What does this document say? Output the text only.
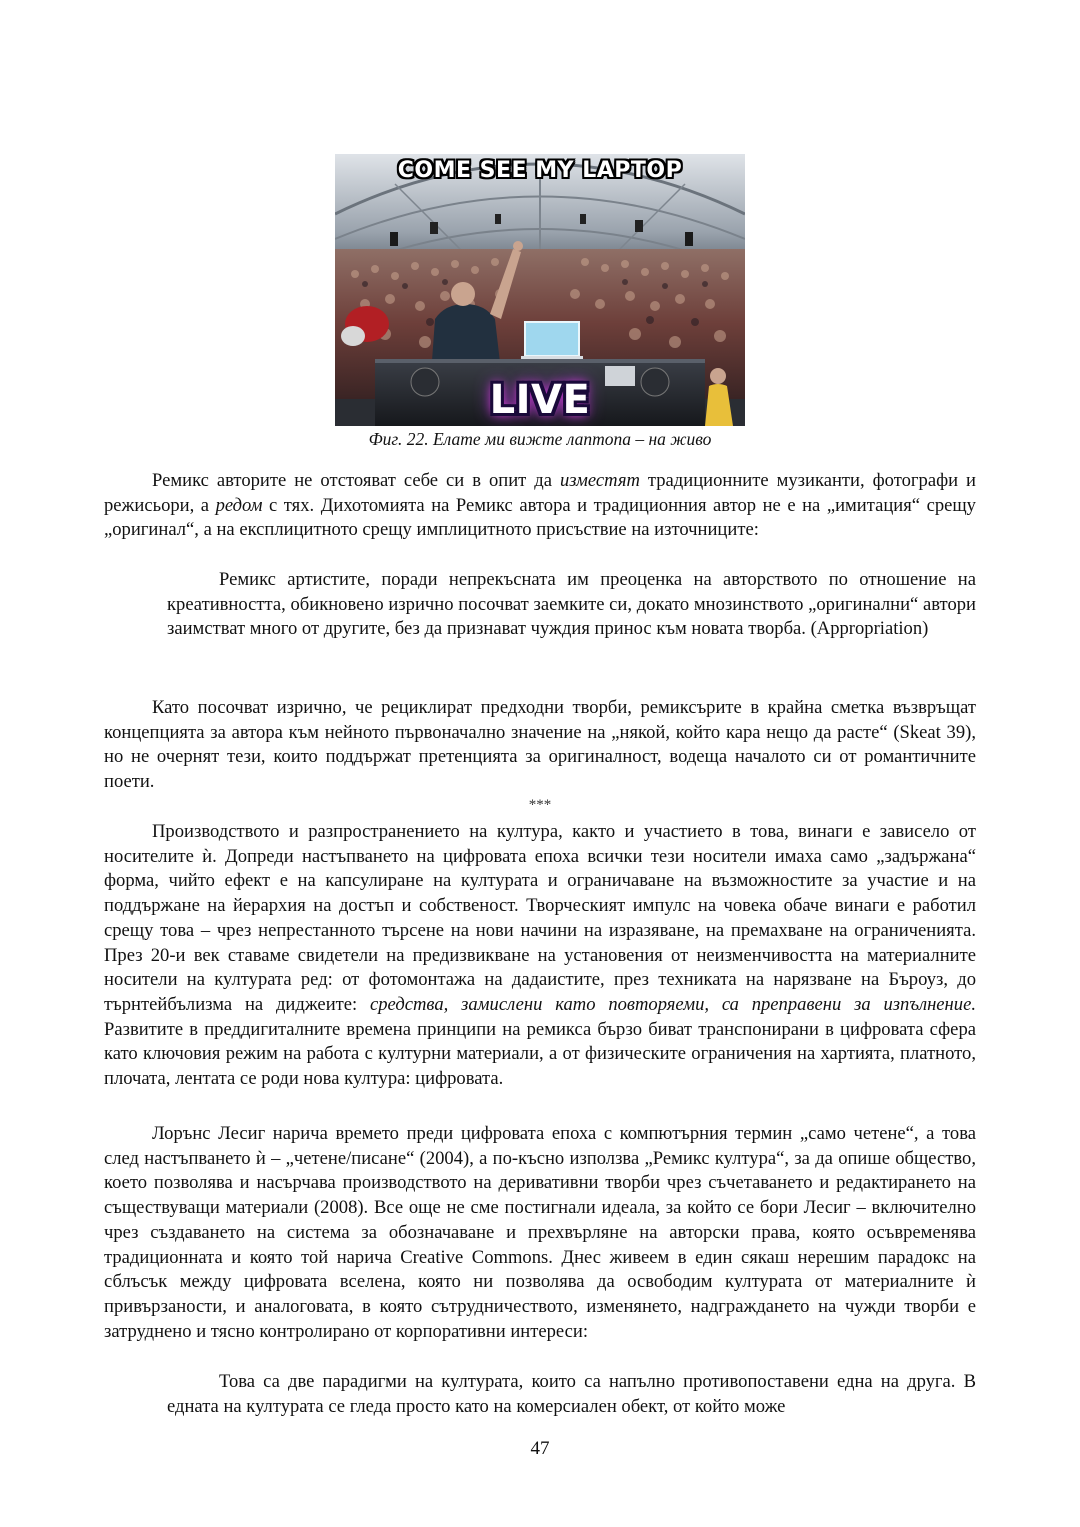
COME SEE MY LAPTOP
LIVE
Фиг. 22. Елате ми вижте лаптопа – на живо

Ремикс авторите не отстояват себе си в опит да изместят традиционните музиканти, фотографи и режисьори, а редом с тях. Дихотомията на Ремикс автора и традиционния автор не е на „имитация“ срещу „оригинал“, а на експлицитното срещу имплицитното присъствие на източниците:

Ремикс артистите, поради непрекъсната им преоценка на авторството по отношение на креативността, обикновено изрично посочват заемките си, докато мнозинството „оригинални“ автори заимстват много от другите, без да признават чуждия принос към новата творба. (Appropriation)

Като посочват изрично, че рециклират предходни творби, ремиксърите в крайна сметка възвръщат концепцията за автора към нейното първоначално значение на „някой, който кара нещо да расте“ (Skeat 39), но не очернят тези, които поддържат претенцията за оригиналност, водеща началото си от романтичните поети.

***

Производството и разпространението на култура, както и участието в това, винаги е зависело от носителите ѝ. Допреди настъпването на цифровата епоха всички тези носители имаха само „задържана“ форма, чийто ефект е на капсулиране на културата и ограничаване на възможностите за участие и на поддържане на йерархия на достъп и собственост. Творческият импулс на човека обаче винаги е работил срещу това – чрез непрестанното търсене на нови начини на изразяване, на премахване на ограниченията. През 20-и век ставаме свидетели на предизвикване на установения от неизменчивостта на материалните носители на културата ред: от фотомонтажа на дадаистите, през техниката на нарязване на Бъроуз, до търнтейбълизма на диджеите: средства, замислени като повторяеми, са преправени за изпълнение. Развитите в преддигиталните времена принципи на ремикса бързо биват транспонирани в цифровата сфера като ключовия режим на работа с културни материали, а от физическите ограничения на хартията, платното, плочата, лентата се роди нова култура: цифровата.

Лорънс Лесиг нарича времето преди цифровата епоха с компютърния термин „само четене“, а това след настъпването ѝ – „четене/писане“ (2004), а по-късно използва „Ремикс култура“, за да опише общество, което позволява и насърчава производството на деривативни творби чрез съчетаването и редактирането на съществуващи материали (2008). Все още не сме постигнали идеала, за който се бори Лесиг – включително чрез създаването на система за обозначаване и прехвърляне на авторски права, която осъвременява традиционната и която той нарича Creative Commons. Днес живеем в един сякаш нерешим парадокс на сблъсък между цифровата вселена, която ни позволява да освободим културата от материалните ѝ привързаности, и аналоговата, в която сътрудничеството, изменянето, надграждането на чужди творби е затруднено и тясно контролирано от корпоративни интереси:

Това са две парадигми на културата, които са напълно противопоставени една на друга. В едната на културата се гледа просто като на комерсиален обект, от който може

47
